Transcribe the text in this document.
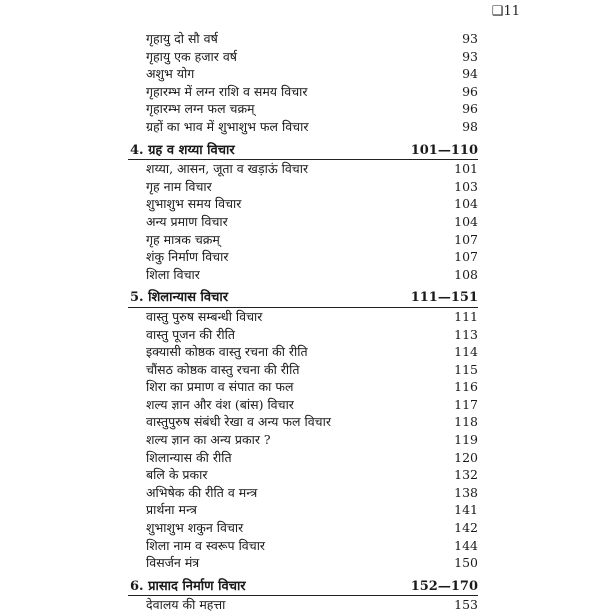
❑11
गृहायु दो सौ वर्ष	93
गृहायु एक हजार वर्ष	93
अशुभ योग	94
गृहारम्भ में लग्न राशि व समय विचार	96
गृहारम्भ लग्न फल चक्रम्	96
ग्रहों का भाव में शुभाशुभ फल विचार	98
4. ग्रह व शय्या विचार	101—110
शय्या, आसन, जूता व खड़ाऊं विचार	101
गृह नाम विचार	103
शुभाशुभ समय विचार	104
अन्य प्रमाण विचार	104
गृह मात्रक चक्रम्	107
शंकु निर्माण विचार	107
शिला विचार	108
5. शिलान्यास विचार	111—151
वास्तु पुरुष सम्बन्धी विचार	111
वास्तु पूजन की रीति	113
इक्यासी कोष्ठक वास्तु रचना की रीति	114
चौंसठ कोष्ठक वास्तु रचना की रीति	115
शिरा का प्रमाण व संपात का फल	116
शल्य ज्ञान और वंश (बांस) विचार	117
वास्तुपुरुष संबंधी रेखा व अन्य फल विचार	118
शल्य ज्ञान का अन्य प्रकार ?	119
शिलान्यास की रीति	120
बलि के प्रकार	132
अभिषेक की रीति व मन्त्र	138
प्रार्थना मन्त्र	141
शुभाशुभ शकुन विचार	142
शिला नाम व स्वरूप विचार	144
विसर्जन मंत्र	150
6. प्रासाद निर्माण विचार	152—170
देवालय की महत्ता	153
